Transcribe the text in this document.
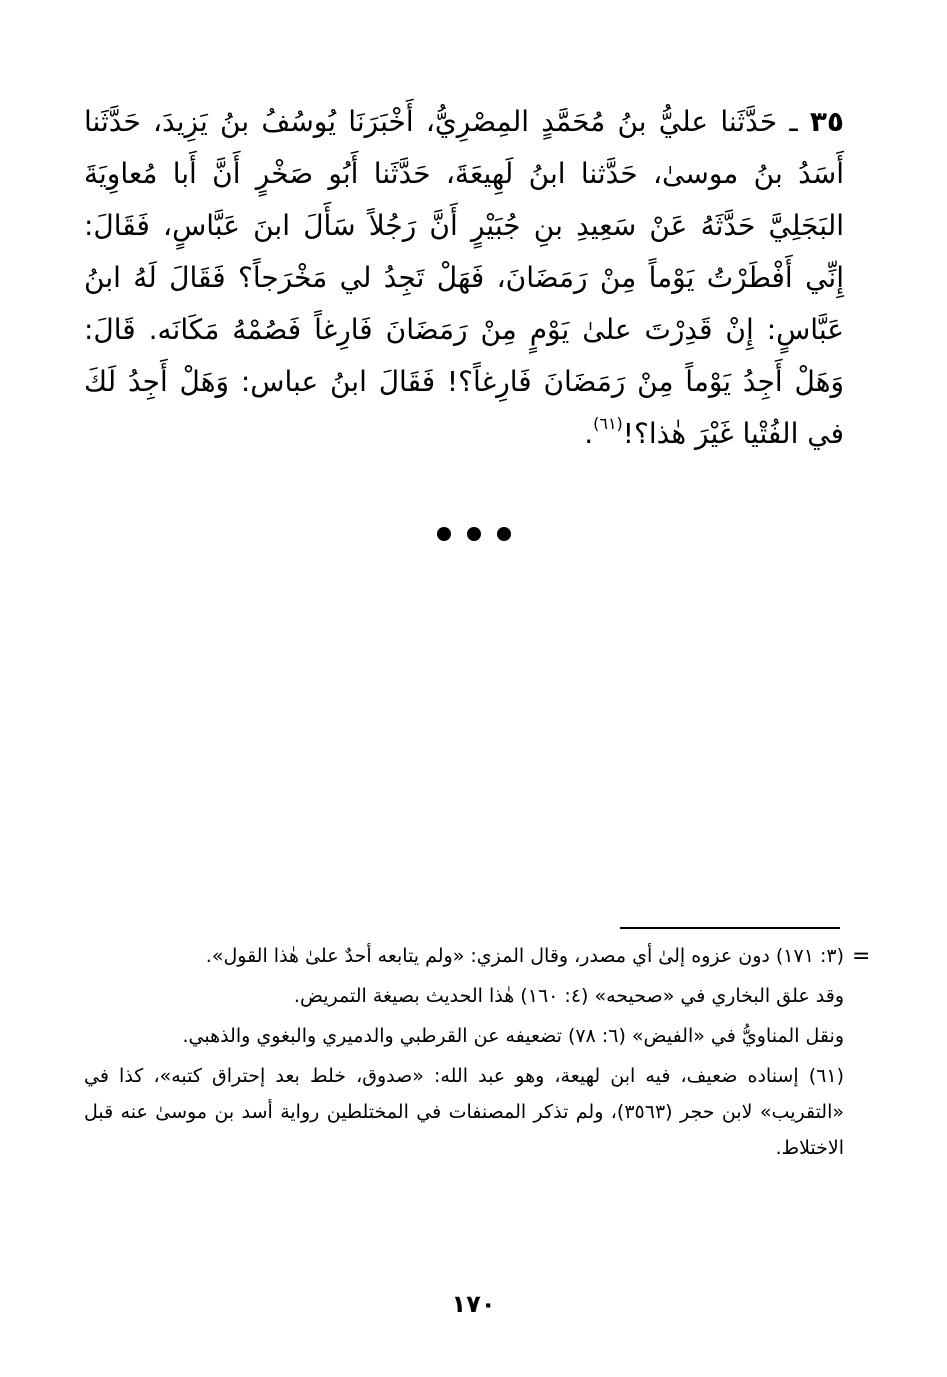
٣٥ ـ حَدَّثَنا عليُّ بنُ مُحَمَّدٍ المِصْرِيُّ، أَخْبَرَنَا يُوسُفُ بنُ يَزِيدَ، حَدَّثَنا أَسَدُ بنُ موسىٰ، حَدَّثنا ابنُ لَهِيعَةَ، حَدَّثَنا أَبُو صَخْرٍ أَنَّ أَبا مُعاوِيَةَ البَجَلِيَّ حَدَّثَهُ عَنْ سَعِيدِ بنِ جُبَيْرٍ أَنَّ رَجُلاً سَأَلَ ابنَ عَبَّاسٍ، فَقَالَ: إِنِّي أَفْطَرْتُ يَوْماً مِنْ رَمَضَانَ، فَهَلْ تَجِدُ لي مَخْرَجاً؟ فَقَالَ لَهُ ابنُ عَبَّاسٍ: إِنْ قَدِرْتَ علىٰ يَوْمٍ مِنْ رَمَضَانَ فَارِغاً فَصُمْهُ مَكَانَه. قَالَ: وَهَلْ أَجِدُ يَوْماً مِنْ رَمَضَانَ فَارِغاً؟! فَقَالَ ابنُ عباس: وَهَلْ أَجِدُ لَكَ في الفُتْيا غَيْرَ هٰذا؟!$^{(٦١)}$.
=

(٣: ١٧١) دون عزوه إلىٰ أي مصدر، وقال المزي: «ولم يتابعه أحدٌ علىٰ هٰذا القول».

وقد علق البخاري في «صحيحه» (٤: ١٦٠) هٰذا الحديث بصيغة التمريض.

ونقل المناويُّ في «الفيض» (٦: ٧٨) تضعيفه عن القرطبي والدميري والبغوي والذهبي.

(٦١) إسناده ضعيف، فيه ابن لهيعة، وهو عبد الله: «صدوق، خلط بعد إحتراق كتبه»، كذا في «التقريب» لابن حجر (٣٥٦٣)، ولم تذكر المصنفات في المختلطين رواية أسد بن موسىٰ عنه قبل الاختلاط.

١٧٠
